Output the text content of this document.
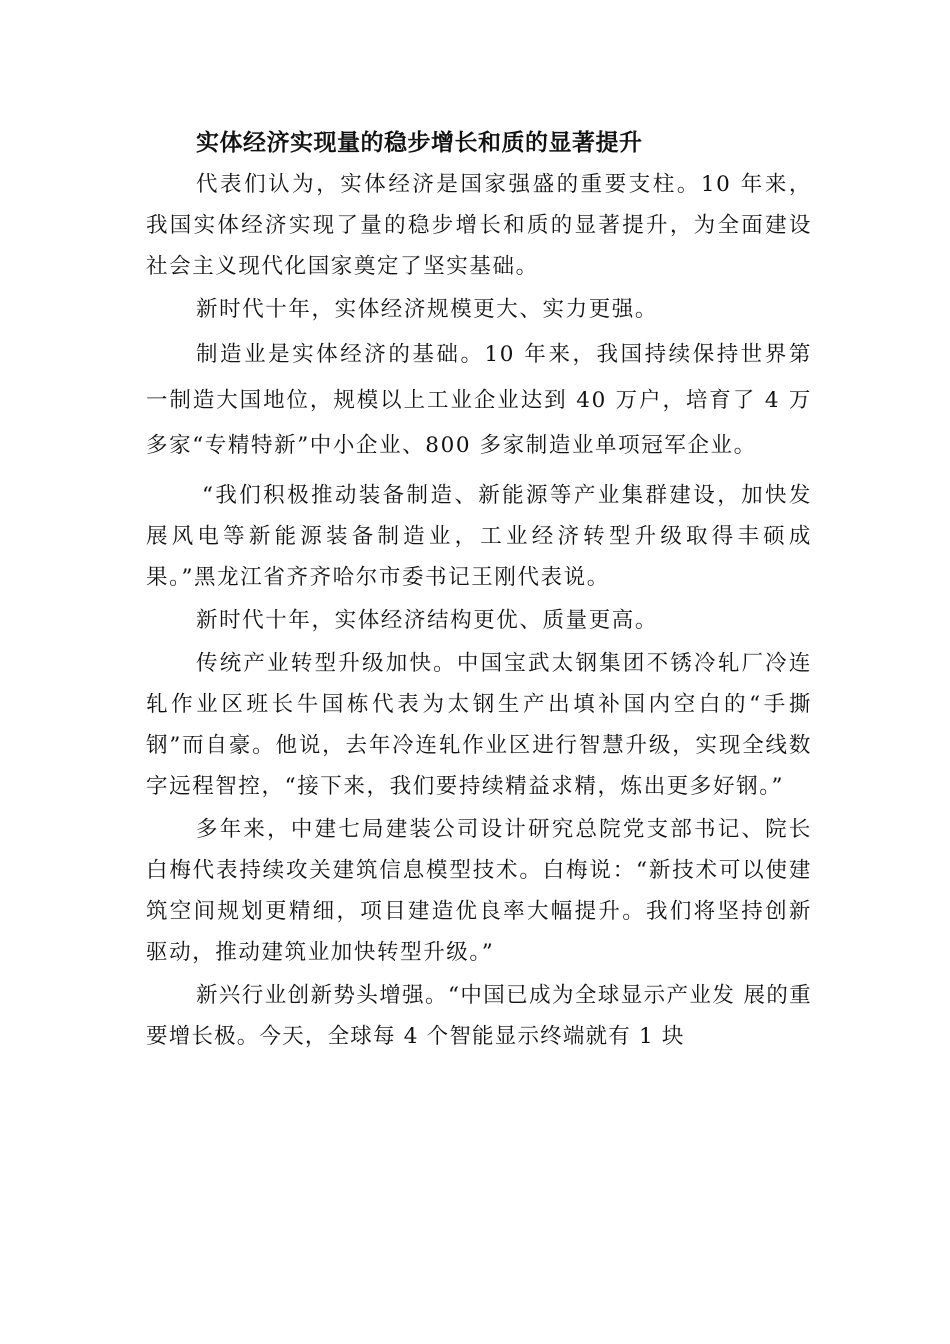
实体经济实现量的稳步增长和质的显著提升

代表们认为，实体经济是国家强盛的重要支柱。10 年来，我国实体经济实现了量的稳步增长和质的显著提升，为全面建设社会主义现代化国家奠定了坚实基础。

新时代十年，实体经济规模更大、实力更强。

制造业是实体经济的基础。10 年来，我国持续保持世界第一制造大国地位，规模以上工业企业达到 40 万户，培育了 4 万多家“专精特新”中小企业、800 多家制造业单项冠军企业。

“我们积极推动装备制造、新能源等产业集群建设，加快发展风电等新能源装备制造业，工业经济转型升级取得丰硕成果。”黑龙江省齐齐哈尔市委书记王刚代表说。

新时代十年，实体经济结构更优、质量更高。

传统产业转型升级加快。中国宝武太钢集团不锈冷轧厂冷连轧作业区班长牛国栋代表为太钢生产出填补国内空白的“手撕钢”而自豪。他说，去年冷连轧作业区进行智慧升级，实现全线数字远程智控，“接下来，我们要持续精益求精，炼出更多好钢。”

多年来，中建七局建装公司设计研究总院党支部书记、院长白梅代表持续攻关建筑信息模型技术。白梅说：“新技术可以使建筑空间规划更精细，项目建造优良率大幅提升。我们将坚持创新驱动，推动建筑业加快转型升级。”

新兴行业创新势头增强。“中国已成为全球显示产业发 展的重要增长极。今天，全球每 4 个智能显示终端就有 1 块
